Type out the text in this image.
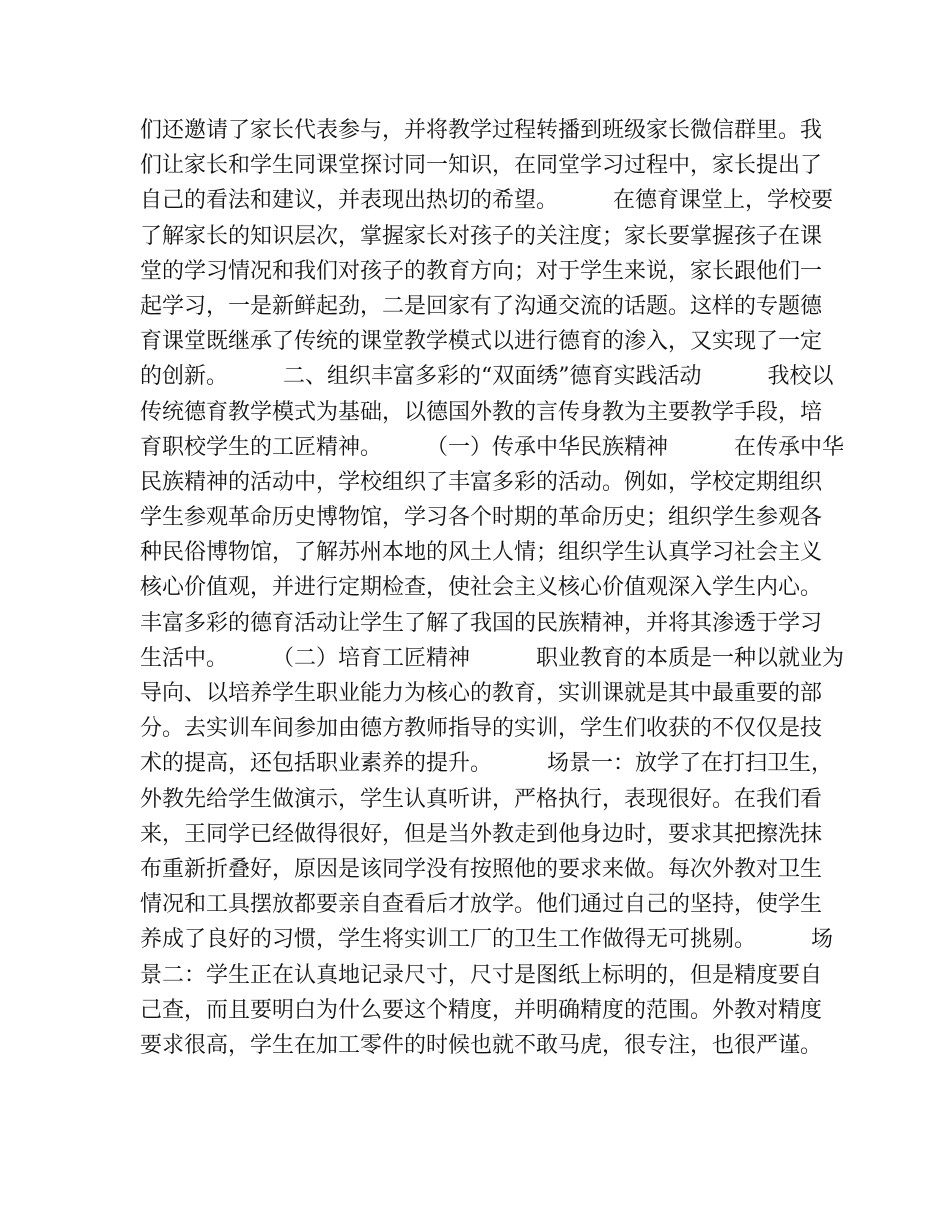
们还邀请了家长代表参与，并将教学过程转播到班级家长微信群里。我
们让家长和学生同课堂探讨同一知识，在同堂学习过程中，家长提出了
自己的看法和建议，并表现出热切的希望。　　　在德育课堂上，学校要
了解家长的知识层次，掌握家长对孩子的关注度；家长要掌握孩子在课
堂的学习情况和我们对孩子的教育方向；对于学生来说，家长跟他们一
起学习，一是新鲜起劲，二是回家有了沟通交流的话题。这样的专题德
育课堂既继承了传统的课堂教学模式以进行德育的渗入，又实现了一定
的创新。　　　二、组织丰富多彩的“双面绣”德育实践活动　　　我校以
传统德育教学模式为基础，以德国外教的言传身教为主要教学手段，培
育职校学生的工匠精神。　　　（一）传承中华民族精神　　　在传承中华
民族精神的活动中，学校组织了丰富多彩的活动。例如，学校定期组织
学生参观革命历史博物馆，学习各个时期的革命历史；组织学生参观各
种民俗博物馆，了解苏州本地的风土人情；组织学生认真学习社会主义
核心价值观，并进行定期检查，使社会主义核心价值观深入学生内心。
丰富多彩的德育活动让学生了解了我国的民族精神，并将其渗透于学习
生活中。　　　（二）培育工匠精神　　　职业教育的本质是一种以就业为
导向、以培养学生职业能力为核心的教育，实训课就是其中最重要的部
分。去实训车间参加由德方教师指导的实训，学生们收获的不仅仅是技
术的提高，还包括职业素养的提升。　　　场景一：放学了在打扫卫生，
外教先给学生做演示，学生认真听讲，严格执行，表现很好。在我们看
来，王同学已经做得很好，但是当外教走到他身边时，要求其把擦洗抹
布重新折叠好，原因是该同学没有按照他的要求来做。每次外教对卫生
情况和工具摆放都要亲自查看后才放学。他们通过自己的坚持，使学生
养成了良好的习惯，学生将实训工厂的卫生工作做得无可挑剔。　　　场
景二：学生正在认真地记录尺寸，尺寸是图纸上标明的，但是精度要自
己查，而且要明白为什么要这个精度，并明确精度的范围。外教对精度
要求很高，学生在加工零件的时候也就不敢马虎，很专注，也很严谨。
